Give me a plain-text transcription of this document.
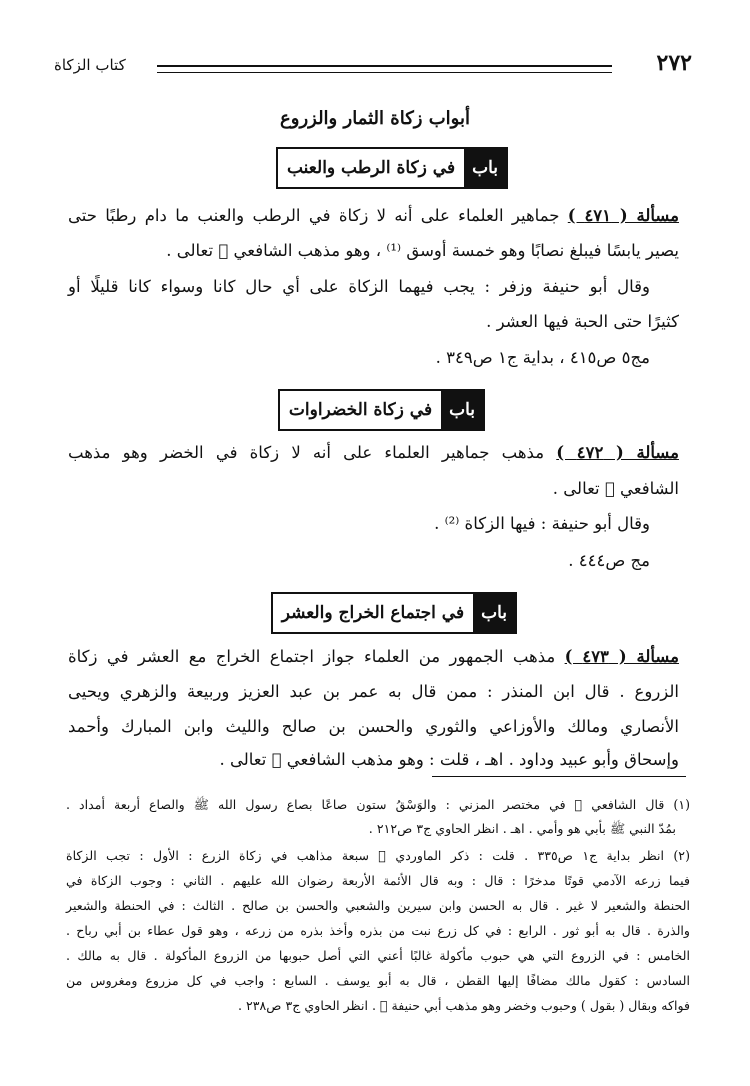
٢٧٢
كتاب الزكاة
أبواب زكاة الثمار والزروع
باب
في زكاة الرطب والعنب
مسألة ( ٤٧١ ) جماهير العلماء على أنه لا زكاة في الرطب والعنب ما دام رطبًا حتى
يصير يابسًا فيبلغ نصابًا وهو خمسة أوسق ⁽¹⁾ ، وهو مذهب الشافعي ﷬ تعالى .
وقال أبو حنيفة وزفر : يجب فيهما الزكاة على أي حال كانا وسواء كانا قليلًا أو
كثيرًا حتى الحبة فيها العشر .
مج٥ ص٤١٥ ، بداية ج١ ص٣٤٩ .
باب
في زكاة الخضراوات
مسألة ( ٤٧٢ ) مذهب جماهير العلماء على أنه لا زكاة في الخضر وهو مذهب
الشافعي ﷬ تعالى .
وقال أبو حنيفة : فيها الزكاة ⁽²⁾ .
مج ص٤٤٤ .
باب
في اجتماع الخراج والعشر
مسألة ( ٤٧٣ ) مذهب الجمهور من العلماء جواز اجتماع الخراج مع العشر في زكاة
الزروع . قال ابن المنذر : ممن قال به عمر بن عبد العزيز وربيعة والزهري ويحيى
الأنصاري ومالك والأوزاعي والثوري والحسن بن صالح والليث وابن المبارك وأحمد
وإسحاق وأبو عبيد وداود . اهـ ، قلت : وهو مذهب الشافعي ﷬ تعالى .
(١) قال الشافعي ﷬ في مختصر المزني : والوَسْقُ ستون صاعًا بصاع رسول الله ﷺ والصاع أربعة أمداد .
بمُدّ النبي ﷺ بأبي هو وأمي . اهـ . انظر الحاوي ج٣ ص٢١٢ .
(٢) انظر بداية ج١ ص٣٣٥ . قلت : ذكر الماوردي ﷬ سبعة مذاهب في زكاة الزرع : الأول : تجب الزكاة
فيما زرعه الآدمي قوتًا مدخرًا : قال : وبه قال الأئمة الأربعة رضوان الله عليهم . الثاني : وجوب الزكاة في
الحنطة والشعير لا غير . قال به الحسن وابن سيرين والشعبي والحسن بن صالح . الثالث : في الحنطة والشعير
والذرة . قال به أبو ثور . الرابع : في كل زرع نبت من بذره وأخذ بذره من زرعه ، وهو قول عطاء بن أبي رباح .
الخامس : في الزروع التي هي حبوب مأكولة غالبًا أعني التي أصل حبوبها من الزروع المأكولة . قال به مالك .
السادس : كقول مالك مضافًا إليها القطن ، قال به أبو يوسف . السابع : واجب في كل مزروع ومغروس من
فواكه وبقال ( بقول ) وحبوب وخضر وهو مذهب أبي حنيفة ﷬ . انظر الحاوي ج٣ ص٢٣٨ .
